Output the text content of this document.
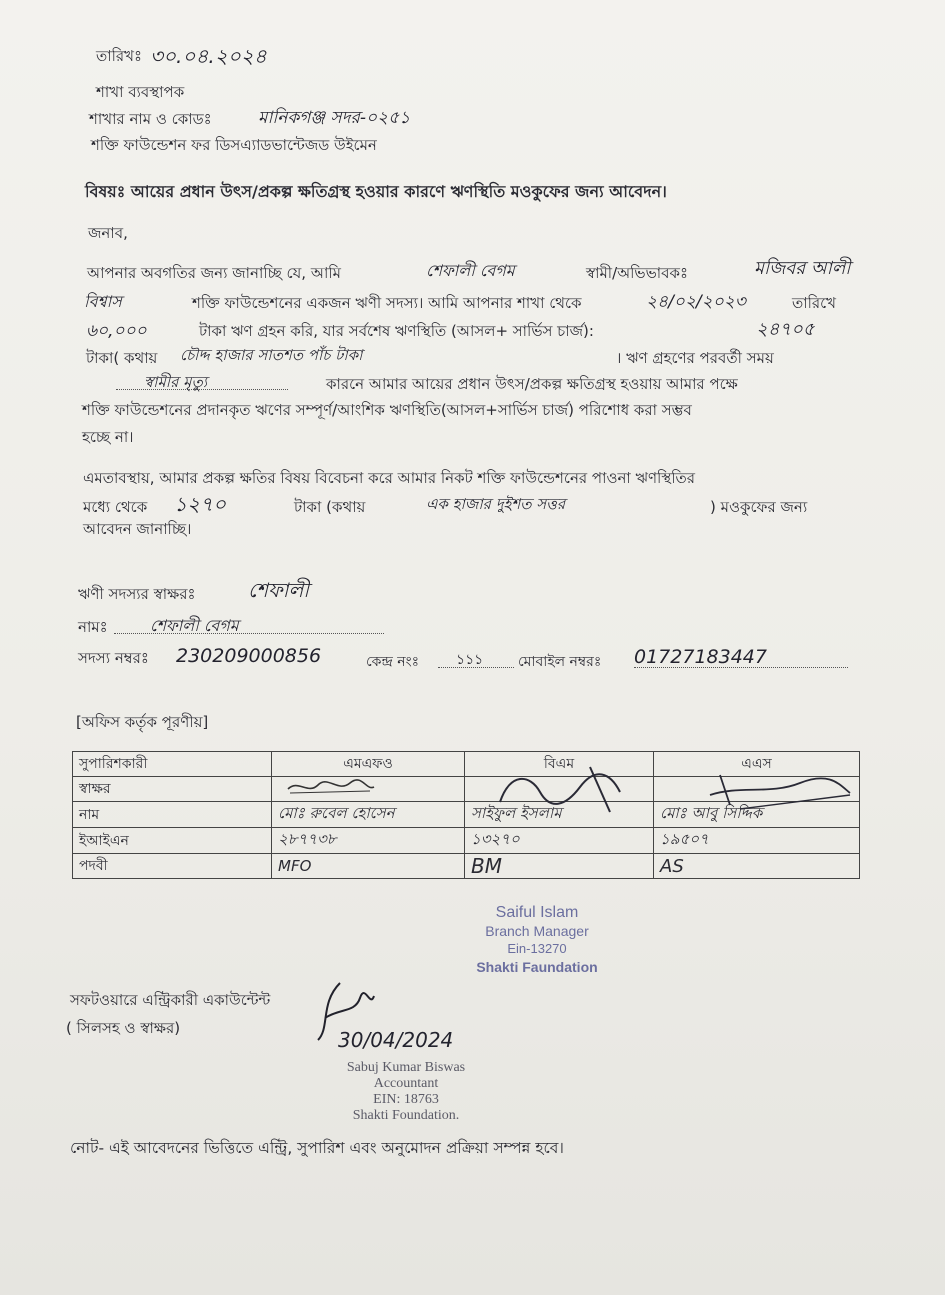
তারিখঃ ৩০.০৪.২০২৪
শাখা ব্যবস্থাপক
শাখার নাম ও কোডঃ	মানিকগঞ্জ সদর-০২৫১
শক্তি ফাউন্ডেশন ফর ডিসএ্যাডভান্টেজড উইমেন
বিষয়ঃ আয়ের প্রধান উৎস/প্রকল্প ক্ষতিগ্রস্থ হওয়ার কারণে ঋণস্থিতি মওকুফের জন্য আবেদন।
জনাব,
আপনার অবগতির জন্য জানাচ্ছি যে, আমি	শেফালী বেগম	স্বামী/অভিভাবকঃ	মজিবর আলী
বিশ্বাস	শক্তি ফাউন্ডেশনের একজন ঋণী সদস্য। আমি আপনার শাখা থেকে	২৪/০২/২০২৩	তারিখে
৬০,০০০	টাকা ঋণ গ্রহন করি, যার সর্বশেষ ঋণস্থিতি (আসল+ সার্ভিস চার্জ):	২৪৭০৫
টাকা( কথায় চৌদ্দ হাজার সাতশত পাঁচ টাকা	। ঋণ গ্রহণের পরবর্তী সময়
স্বামীর মৃত্যু	কারনে আমার আয়ের প্রধান উৎস/প্রকল্প ক্ষতিগ্রস্থ হওয়ায় আমার পক্ষে
শক্তি ফাউন্ডেশনের প্রদানকৃত ঋণের সম্পূর্ণ/আংশিক ঋণস্থিতি(আসল+সার্ভিস চার্জ) পরিশোধ করা সম্ভব
হচ্ছে না।
এমতাবস্থায়, আমার প্রকল্প ক্ষতির বিষয় বিবেচনা করে আমার নিকট শক্তি ফাউন্ডেশনের পাওনা ঋণস্থিতির
মধ্যে থেকে ১২৭০	টাকা (কথায়	এক হাজার দুইশত সত্তর	) মওকুফের জন্য
আবেদন জানাচ্ছি।
ঋণী সদস্যর স্বাক্ষরঃ	শেফালী
নামঃ	শেফালী বেগম
সদস্য নম্বরঃ 230209000856	কেন্দ্র নংঃ	১১১ মোবাইল নম্বরঃ 01727183447
[অফিস কর্তৃক পূরণীয়]
সুপারিশকারী	এমএফও	বিএম	এএস
স্বাক্ষর			
নাম	মোঃ রুবেল হোসেন	সাইফুল ইসলাম	মোঃ আবু সিদ্দিক
ইআইএন	২৮৭৭৩৮	১৩২৭০	১৯৫০৭
পদবী	MFO	BM	AS
Saiful Islam
Branch Manager
Ein-13270
Shakti Faundation
সফটওয়ারে এন্ট্রিকারী একাউন্টেন্ট
( সিলসহ ও স্বাক্ষর)	30/04/2024
Sabuj Kumar Biswas
Accountant
EIN: 18763
Shakti Foundation.
নোট- এই আবেদনের ভিত্তিতে এন্ট্রি, সুপারিশ এবং অনুমোদন প্রক্রিয়া সম্পন্ন হবে।
